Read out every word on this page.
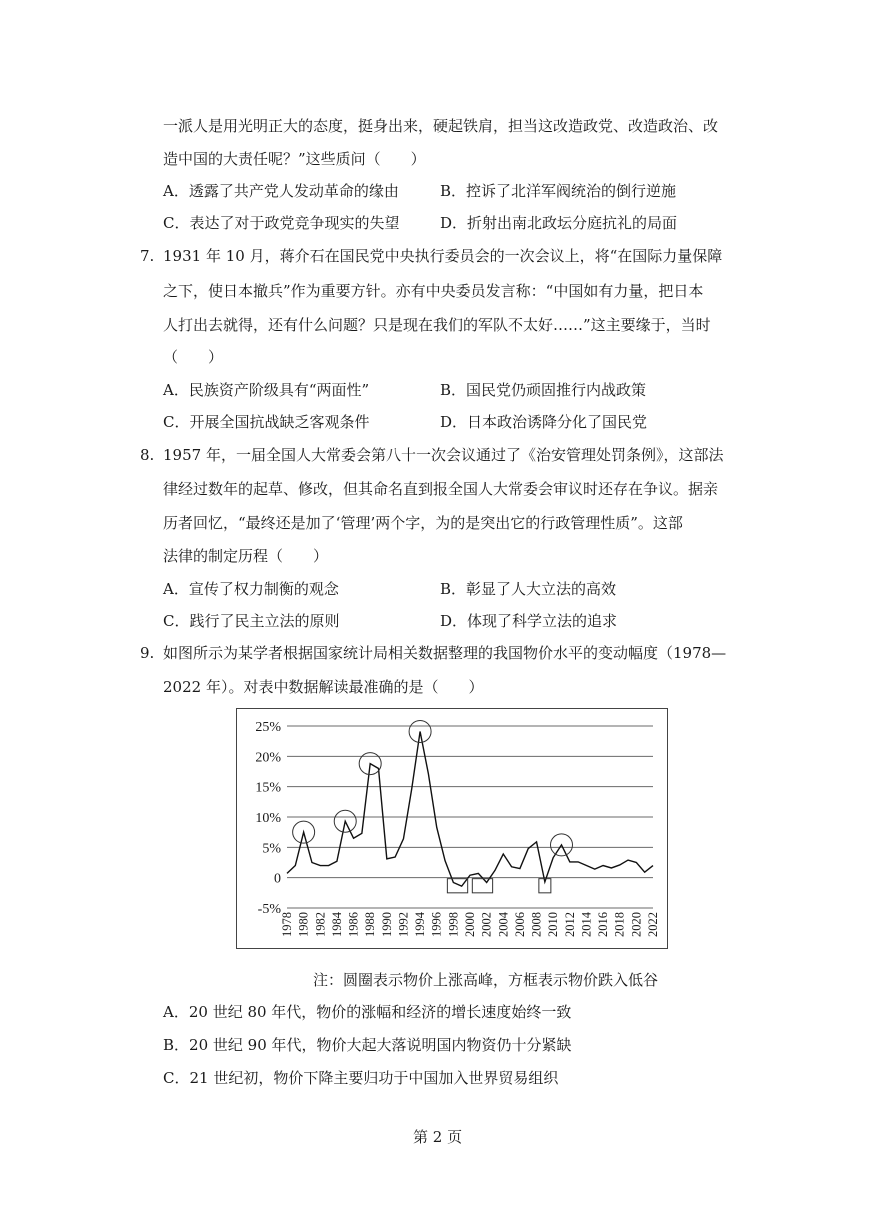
一派人是用光明正大的态度，挺身出来，硬起铁肩，担当这改造政党、改造政治、改
造中国的大责任呢？”这些质问（　　）
A．透露了共产党人发动革命的缘由	B．控诉了北洋军阀统治的倒行逆施
C．表达了对于政党竞争现实的失望	D．折射出南北政坛分庭抗礼的局面
7. 1931 年 10 月，蒋介石在国民党中央执行委员会的一次会议上，将“在国际力量保障
之下，使日本撤兵”作为重要方针。亦有中央委员发言称：“中国如有力量，把日本
人打出去就得，还有什么问题？只是现在我们的军队不太好……”这主要缘于，当时
（　　）
A．民族资产阶级具有“两面性”	B．国民党仍顽固推行内战政策
C．开展全国抗战缺乏客观条件	D．日本政治诱降分化了国民党
8. 1957 年，一届全国人大常委会第八十一次会议通过了《治安管理处罚条例》，这部法
律经过数年的起草、修改，但其命名直到报全国人大常委会审议时还存在争议。据亲
历者回忆，“最终还是加了‘管理’两个字，为的是突出它的行政管理性质”。这部
法律的制定历程（　　）
A．宣传了权力制衡的观念	B．彰显了人大立法的高效
C．践行了民主立法的原则	D．体现了科学立法的追求
9. 如图所示为某学者根据国家统计局相关数据整理的我国物价水平的变动幅度（1978—
2022 年）。对表中数据解读最准确的是（　　）
25%
20%
15%
10%
5%
0
-5%
1978 1980 1982 1984 1986 1988 1990 1992 1994 1996 1998 2000 2002 2004 2006 2008 2010 2012 2014 2016 2018 2020 2022
注：圆圈表示物价上涨高峰，方框表示物价跌入低谷
A．20 世纪 80 年代，物价的涨幅和经济的增长速度始终一致
B．20 世纪 90 年代，物价大起大落说明国内物资仍十分紧缺
C．21 世纪初，物价下降主要归功于中国加入世界贸易组织
第 2 页
